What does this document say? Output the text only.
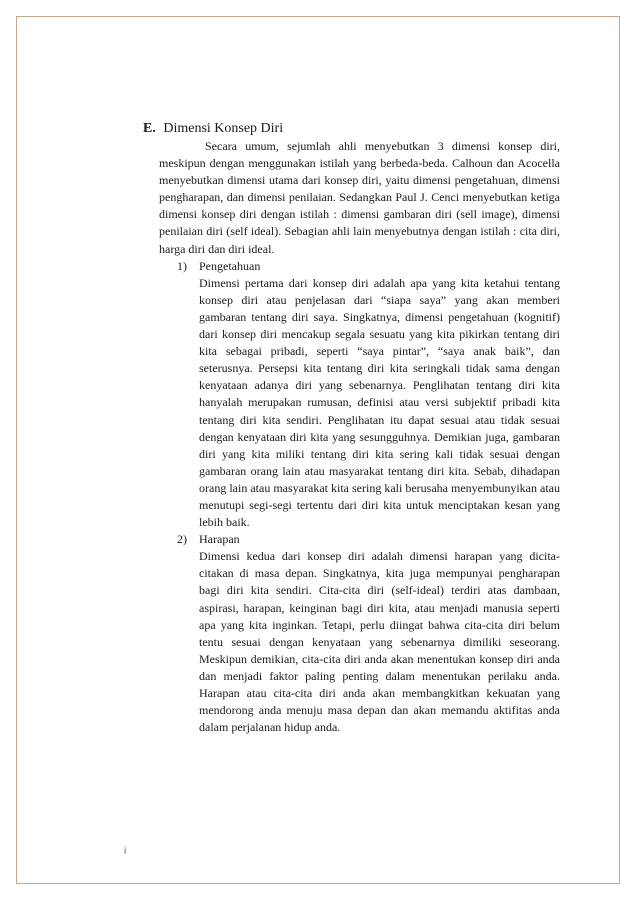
E. Dimensi Konsep Diri

Secara umum, sejumlah ahli menyebutkan 3 dimensi konsep diri, meskipun dengan menggunakan istilah yang berbeda-beda. Calhoun dan Acocella menyebutkan dimensi utama dari konsep diri, yaitu dimensi pengetahuan, dimensi pengharapan, dan dimensi penilaian. Sedangkan Paul J. Cenci menyebutkan ketiga dimensi konsep diri dengan istilah : dimensi gambaran diri (sell image), dimensi penilaian diri (self ideal). Sebagian ahli lain menyebutnya dengan istilah : cita diri, harga diri dan diri ideal.

1) Pengetahuan

Dimensi pertama dari konsep diri adalah apa yang kita ketahui tentang konsep diri atau penjelasan dari “siapa saya” yang akan memberi gambaran tentang diri saya. Singkatnya, dimensi pengetahuan (kognitif) dari konsep diri mencakup segala sesuatu yang kita pikirkan tentang diri kita sebagai pribadi, seperti “saya pintar”, “saya anak baik”, dan seterusnya. Persepsi kita tentang diri kita seringkali tidak sama dengan kenyataan adanya diri yang sebenarnya. Penglihatan tentang diri kita hanyalah merupakan rumusan, definisi atau versi subjektif pribadi kita tentang diri kita sendiri. Penglihatan itu dapat sesuai atau tidak sesuai dengan kenyataan diri kita yang sesungguhnya. Demikian juga, gambaran diri yang kita miliki tentang diri kita sering kali tidak sesuai dengan gambaran orang lain atau masyarakat tentang diri kita. Sebab, dihadapan orang lain atau masyarakat kita sering kali berusaha menyembunyikan atau menutupi segi-segi tertentu dari diri kita untuk menciptakan kesan yang lebih baik.

2) Harapan

Dimensi kedua dari konsep diri adalah dimensi harapan yang dicita-citakan di masa depan. Singkatnya, kita juga mempunyai pengharapan bagi diri kita sendiri. Cita-cita diri (self-ideal) terdiri atas dambaan, aspirasi, harapan, keinginan bagi diri kita, atau menjadi manusia seperti apa yang kita inginkan. Tetapi, perlu diingat bahwa cita-cita diri belum tentu sesuai dengan kenyataan yang sebenarnya dimiliki seseorang. Meskipun demikian, cita-cita diri anda akan menentukan konsep diri anda dan menjadi faktor paling penting dalam menentukan perilaku anda. Harapan atau cita-cita diri anda akan membangkitkan kekuatan yang mendorong anda menuju masa depan dan akan memandu aktifitas anda dalam perjalanan hidup anda.

i
